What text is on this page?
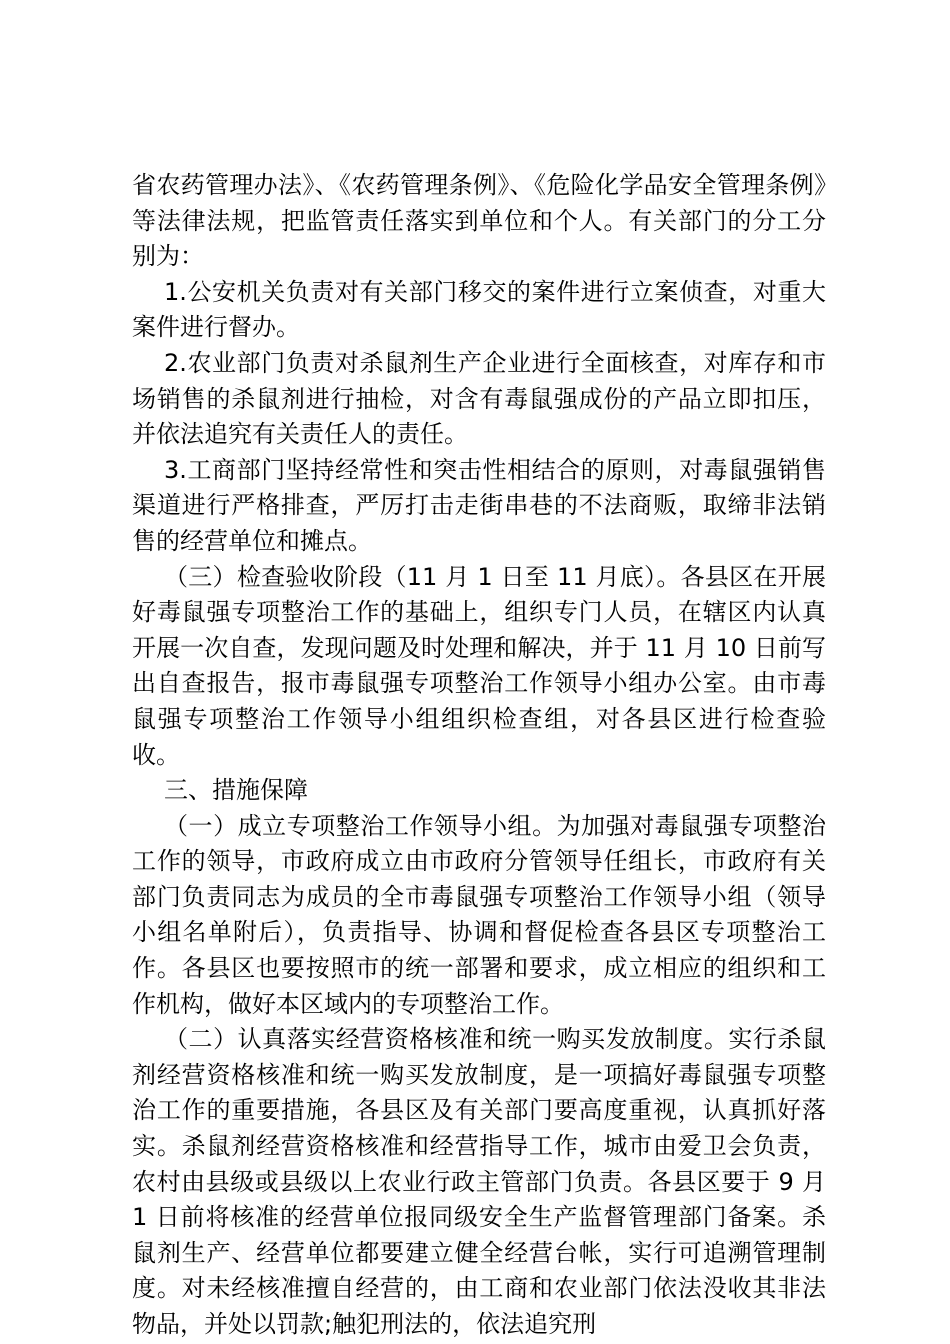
省农药管理办法》、《农药管理条例》、《危险化学品安全管理条例》等法律法规，把监管责任落实到单位和个人。有关部门的分工分别为：

1.公安机关负责对有关部门移交的案件进行立案侦查，对重大案件进行督办。

2.农业部门负责对杀鼠剂生产企业进行全面核查，对库存和市场销售的杀鼠剂进行抽检，对含有毒鼠强成份的产品立即扣压，并依法追究有关责任人的责任。

3.工商部门坚持经常性和突击性相结合的原则，对毒鼠强销售渠道进行严格排查，严厉打击走街串巷的不法商贩，取缔非法销售的经营单位和摊点。

（三）检查验收阶段（11 月 1 日至 11 月底）。各县区在开展好毒鼠强专项整治工作的基础上，组织专门人员，在辖区内认真开展一次自查，发现问题及时处理和解决，并于 11 月 10 日前写出自查报告，报市毒鼠强专项整治工作领导小组办公室。由市毒鼠强专项整治工作领导小组组织检查组，对各县区进行检查验收。

三、措施保障

（一）成立专项整治工作领导小组。为加强对毒鼠强专项整治工作的领导，市政府成立由市政府分管领导任组长，市政府有关部门负责同志为成员的全市毒鼠强专项整治工作领导小组（领导小组名单附后），负责指导、协调和督促检查各县区专项整治工作。各县区也要按照市的统一部署和要求，成立相应的组织和工作机构，做好本区域内的专项整治工作。

（二）认真落实经营资格核准和统一购买发放制度。实行杀鼠剂经营资格核准和统一购买发放制度，是一项搞好毒鼠强专项整治工作的重要措施，各县区及有关部门要高度重视，认真抓好落实。杀鼠剂经营资格核准和经营指导工作，城市由爱卫会负责，农村由县级或县级以上农业行政主管部门负责。各县区要于 9 月 1 日前将核准的经营单位报同级安全生产监督管理部门备案。杀鼠剂生产、经营单位都要建立健全经营台帐，实行可追溯管理制度。对未经核准擅自经营的，由工商和农业部门依法没收其非法物品，并处以罚款;触犯刑法的，依法追究刑
